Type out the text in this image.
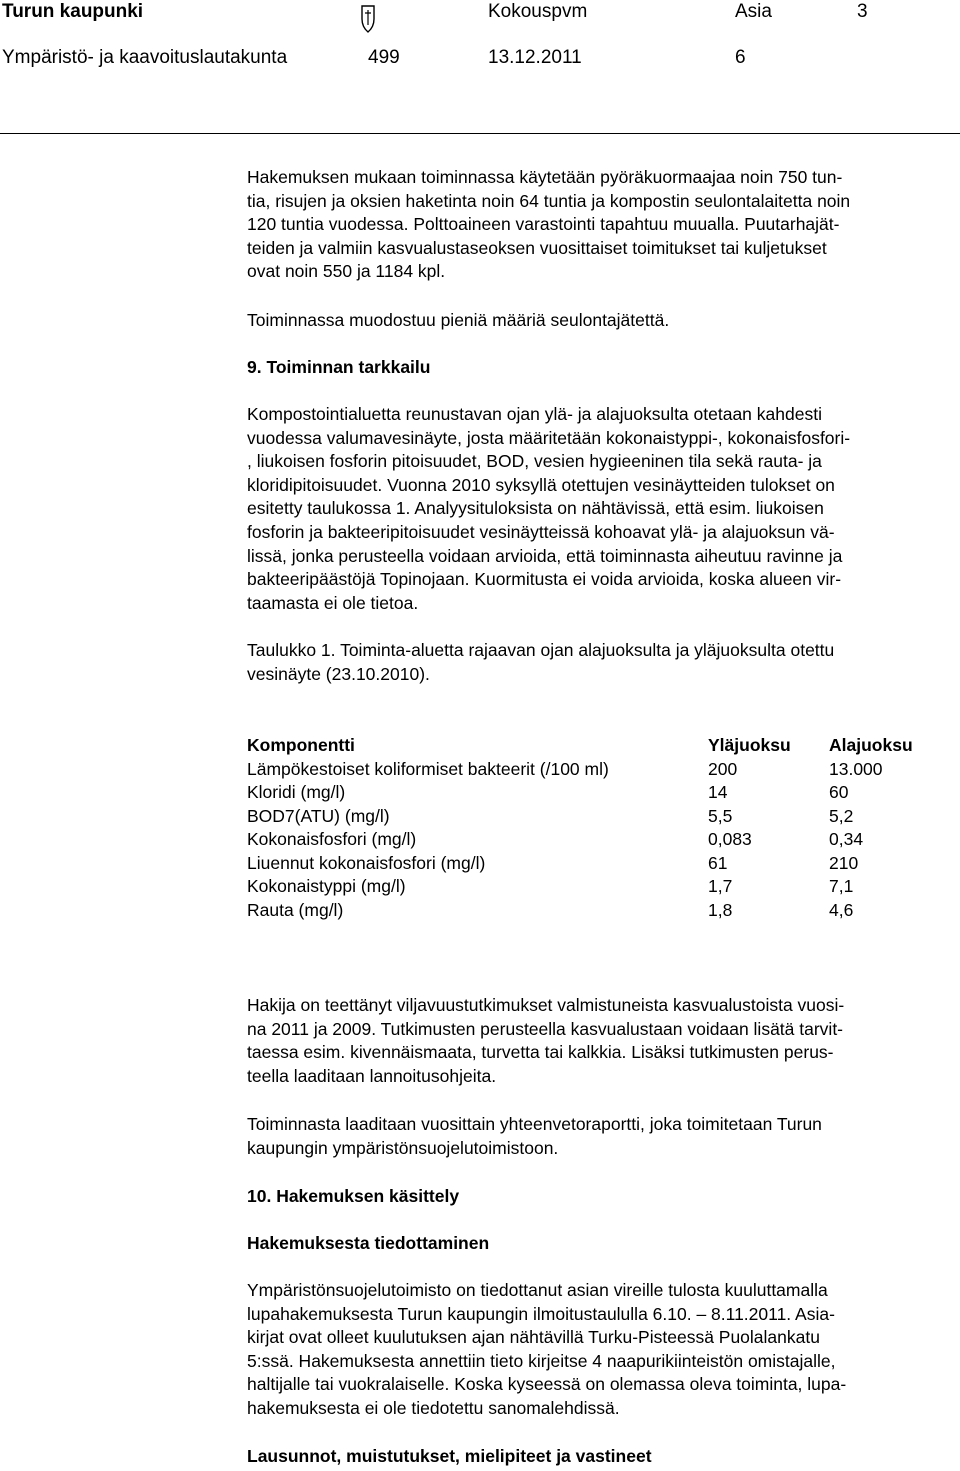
Turun kaupunki	Kokouspvm	Asia	3
Ympäristö- ja kaavoituslautakunta	499	13.12.2011	6
Hakemuksen mukaan toiminnassa käytetään pyöräkuormaajaa noin 750 tun-
tia, risujen ja oksien haketinta noin 64 tuntia ja kompostin seulontalaitetta noin
120 tuntia vuodessa. Polttoaineen varastointi tapahtuu muualla. Puutarhajät-
teiden ja valmiin kasvualustaseoksen vuosittaiset toimitukset tai kuljetukset
ovat noin 550 ja 1184 kpl.
Toiminnassa muodostuu pieniä määriä seulontajätettä.
9. Toiminnan tarkkailu
Kompostointialuetta reunustavan ojan ylä- ja alajuoksulta otetaan kahdesti
vuodessa valumavesinäyte, josta määritetään kokonaistyppi-, kokonaisfosfori-
, liukoisen fosforin pitoisuudet, BOD, vesien hygieeninen tila sekä rauta- ja
kloridipitoisuudet. Vuonna 2010 syksyllä otettujen vesinäytteiden tulokset on
esitetty taulukossa 1. Analyysituloksista on nähtävissä, että esim. liukoisen
fosforin ja bakteeripitoisuudet vesinäytteissä kohoavat ylä- ja alajuoksun vä-
lissä, jonka perusteella voidaan arvioida, että toiminnasta aiheutuu ravinne ja
bakteeripäästöjä Topinojaan. Kuormitusta ei voida arvioida, koska alueen vir-
taamasta ei ole tietoa.
Taulukko 1. Toiminta-aluetta rajaavan ojan alajuoksulta ja yläjuoksulta otettu
vesinäyte (23.10.2010).
Komponentti	Yläjuoksu Alajuoksu
Lämpökestoiset koliformiset bakteerit (/100 ml)	200	13.000
Kloridi (mg/l)	14	60
BOD7(ATU) (mg/l)	5,5	5,2
Kokonaisfosfori (mg/l)	0,083	0,34
Liuennut kokonaisfosfori (mg/l)	61	210
Kokonaistyppi (mg/l)	1,7	7,1
Rauta (mg/l)	1,8	4,6
Hakija on teettänyt viljavuustutkimukset valmistuneista kasvualustoista vuosi-
na 2011 ja 2009. Tutkimusten perusteella kasvualustaan voidaan lisätä tarvit-
taessa esim. kivennäismaata, turvetta tai kalkkia. Lisäksi tutkimusten perus-
teella laaditaan lannoitusohjeita.
Toiminnasta laaditaan vuosittain yhteenvetoraportti, joka toimitetaan Turun
kaupungin ympäristönsuojelutoimistoon.
10. Hakemuksen käsittely
Hakemuksesta tiedottaminen
Ympäristönsuojelutoimisto on tiedottanut asian vireille tulosta kuuluttamalla
lupahakemuksesta Turun kaupungin ilmoitustaululla 6.10. – 8.11.2011. Asia-
kirjat ovat olleet kuulutuksen ajan nähtävillä Turku-Pisteessä Puolalankatu
5:ssä. Hakemuksesta annettiin tieto kirjeitse 4 naapurikiinteistön omistajalle,
haltijalle tai vuokralaiselle. Koska kyseessä on olemassa oleva toiminta, lupa-
hakemuksesta ei ole tiedotettu sanomalehdissä.
Lausunnot, muistutukset, mielipiteet ja vastineet
